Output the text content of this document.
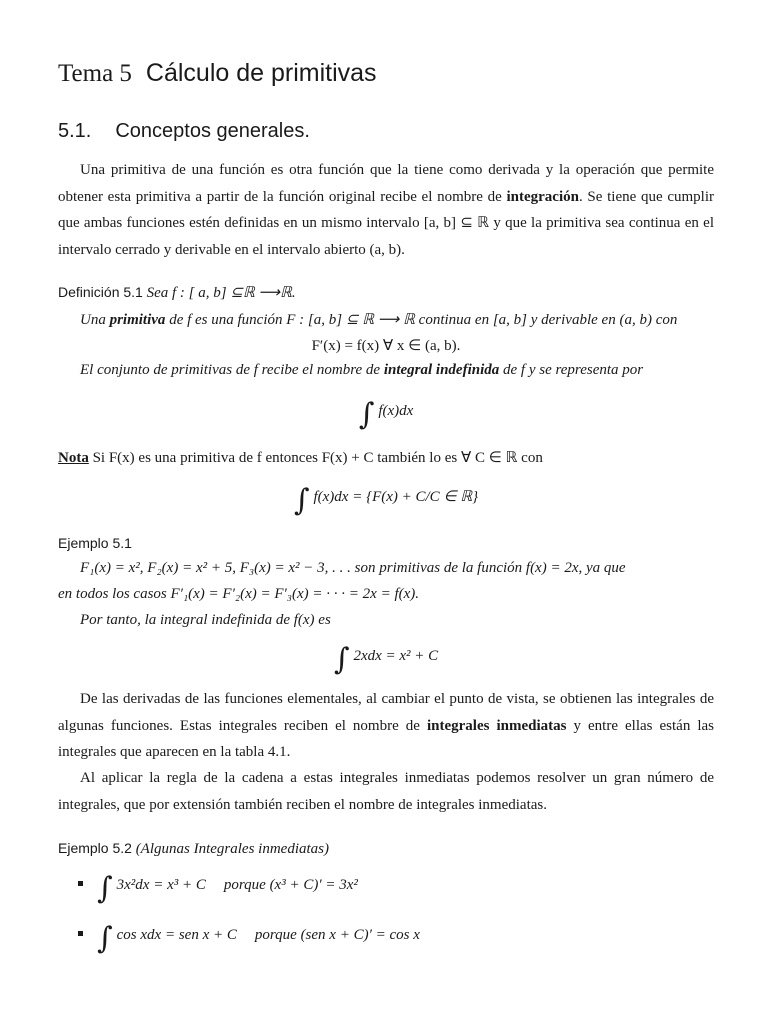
Tema 5 Cálculo de primitivas
5.1. Conceptos generales.
Una primitiva de una función es otra función que la tiene como derivada y la operación que permite obtener esta primitiva a partir de la función original recibe el nombre de integración. Se tiene que cumplir que ambas funciones estén definidas en un mismo intervalo [a, b] ⊆ ℝ y que la primitiva sea continua en el intervalo cerrado y derivable en el intervalo abierto (a, b).
Definición 5.1 Sea f : [ a, b] ⊆ℝ ⟶ℝ.
Una primitiva de f es una función F : [a, b] ⊆ ℝ ⟶ ℝ continua en [a, b] y derivable en (a, b) con
F′(x) = f(x) ∀ x ∈ (a, b).
El conjunto de primitivas de f recibe el nombre de integral indefinida de f y se representa por
∫ f(x)dx
Nota Si F(x) es una primitiva de f entonces F(x) + C también lo es ∀ C ∈ ℝ con
∫ f(x)dx = {F(x) + C/C ∈ ℝ}
Ejemplo 5.1
F₁(x) = x², F₂(x) = x² + 5, F₃(x) = x² − 3, . . . son primitivas de la función f(x) = 2x, ya que
en todos los casos F′₁(x) = F′₂(x) = F′₃(x) = · · · = 2x = f(x).
Por tanto, la integral indefinida de f(x) es
∫ 2xdx = x² + C
De las derivadas de las funciones elementales, al cambiar el punto de vista, se obtienen las integrales de algunas funciones. Estas integrales reciben el nombre de integrales inmediatas y entre ellas están las integrales que aparecen en la tabla 4.1.
Al aplicar la regla de la cadena a estas integrales inmediatas podemos resolver un gran número de integrales, que por extensión también reciben el nombre de integrales inmediatas.
Ejemplo 5.2 (Algunas Integrales inmediatas)
∫ 3x²dx = x³ + C porque (x³ + C)′ = 3x²
∫ cos xdx = sen x + C porque (sen x + C)′ = cos x
